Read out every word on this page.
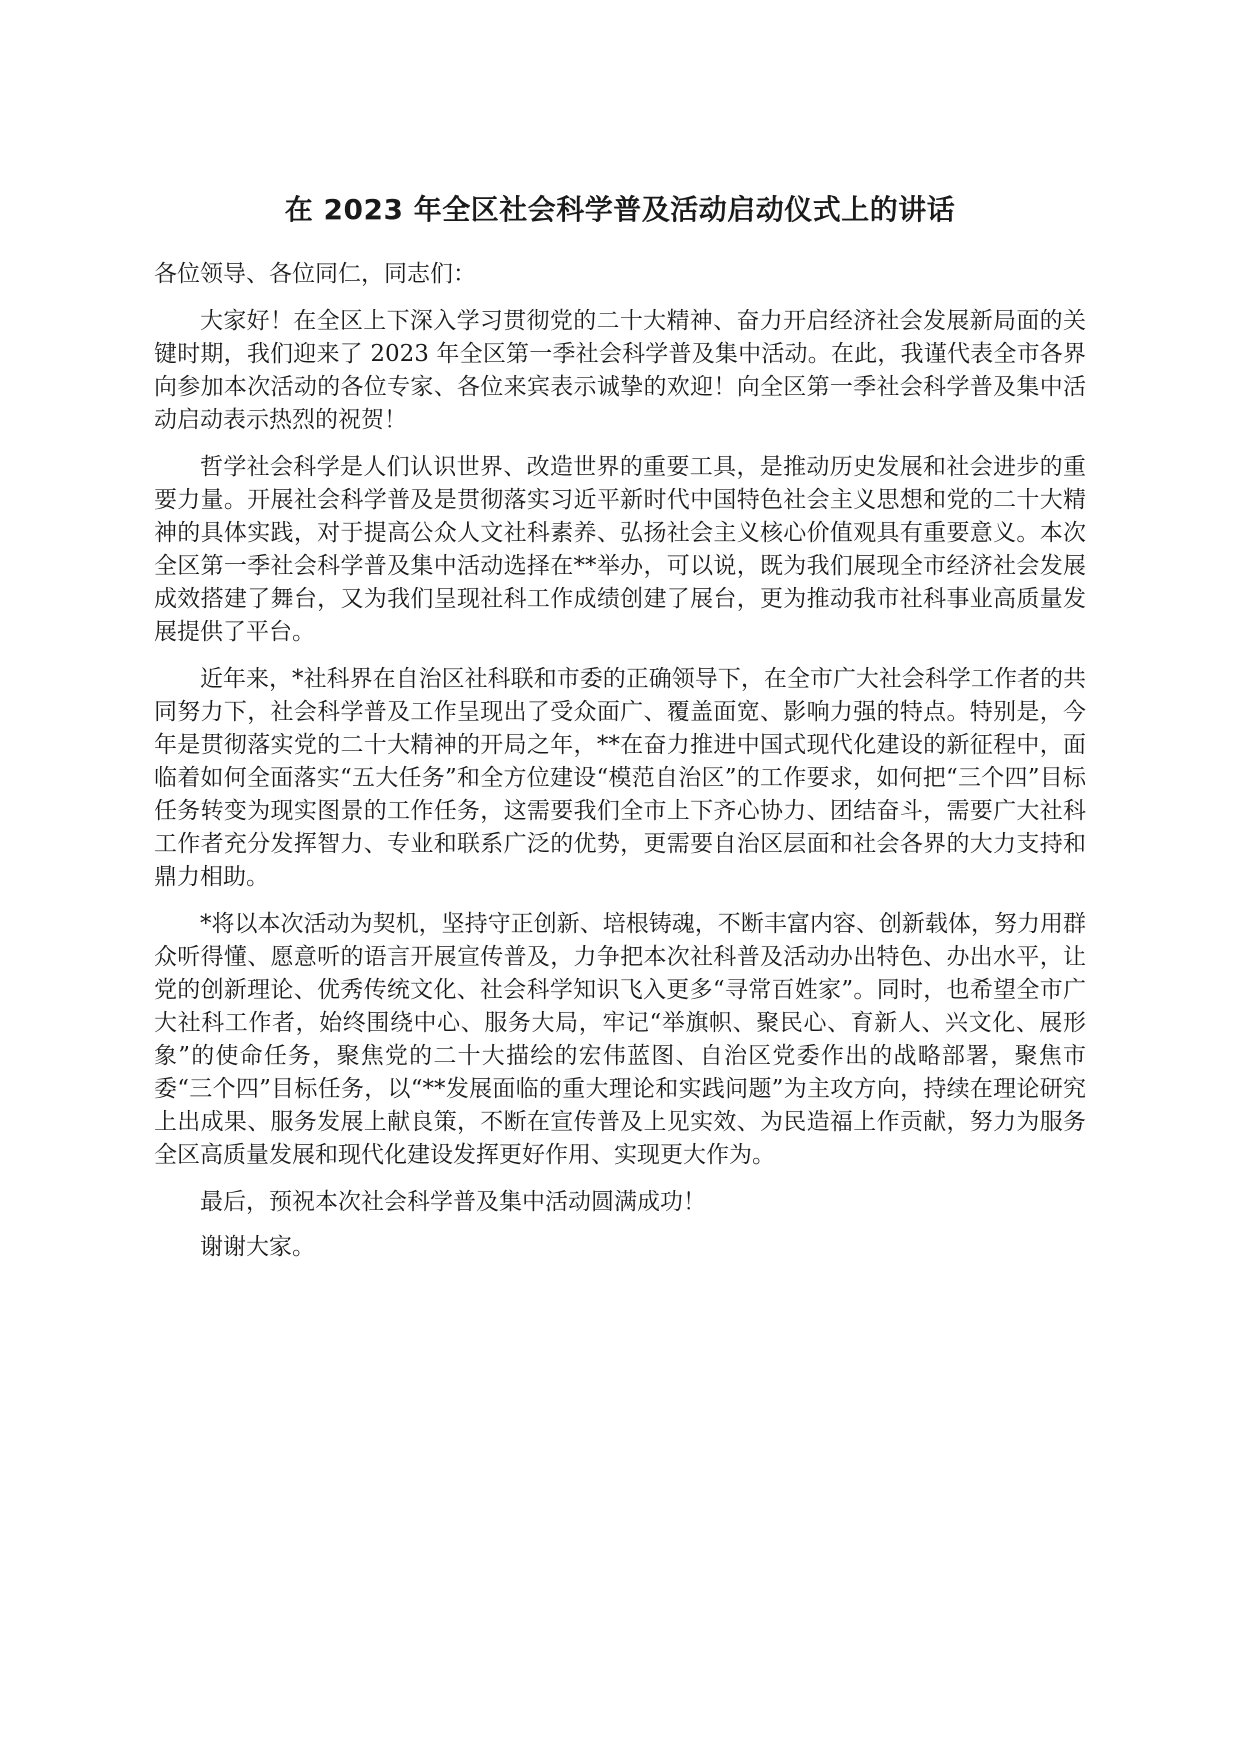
在 2023 年全区社会科学普及活动启动仪式上的讲话

各位领导、各位同仁，同志们：

大家好！在全区上下深入学习贯彻党的二十大精神、奋力开启经济社会发展新局面的关键时期，我们迎来了 2023 年全区第一季社会科学普及集中活动。在此，我谨代表全市各界向参加本次活动的各位专家、各位来宾表示诚挚的欢迎！向全区第一季社会科学普及集中活动启动表示热烈的祝贺！

哲学社会科学是人们认识世界、改造世界的重要工具，是推动历史发展和社会进步的重要力量。开展社会科学普及是贯彻落实习近平新时代中国特色社会主义思想和党的二十大精神的具体实践，对于提高公众人文社科素养、弘扬社会主义核心价值观具有重要意义。本次全区第一季社会科学普及集中活动选择在**举办，可以说，既为我们展现全市经济社会发展成效搭建了舞台，又为我们呈现社科工作成绩创建了展台，更为推动我市社科事业高质量发展提供了平台。

近年来，*社科界在自治区社科联和市委的正确领导下，在全市广大社会科学工作者的共同努力下，社会科学普及工作呈现出了受众面广、覆盖面宽、影响力强的特点。特别是，今年是贯彻落实党的二十大精神的开局之年，**在奋力推进中国式现代化建设的新征程中，面临着如何全面落实“五大任务”和全方位建设“模范自治区”的工作要求，如何把“三个四”目标任务转变为现实图景的工作任务，这需要我们全市上下齐心协力、团结奋斗，需要广大社科工作者充分发挥智力、专业和联系广泛的优势，更需要自治区层面和社会各界的大力支持和鼎力相助。

*将以本次活动为契机，坚持守正创新、培根铸魂，不断丰富内容、创新载体，努力用群众听得懂、愿意听的语言开展宣传普及，力争把本次社科普及活动办出特色、办出水平，让党的创新理论、优秀传统文化、社会科学知识飞入更多“寻常百姓家”。同时，也希望全市广大社科工作者，始终围绕中心、服务大局，牢记“举旗帜、聚民心、育新人、兴文化、展形象”的使命任务，聚焦党的二十大描绘的宏伟蓝图、自治区党委作出的战略部署，聚焦市委“三个四”目标任务，以“**发展面临的重大理论和实践问题”为主攻方向，持续在理论研究上出成果、服务发展上献良策，不断在宣传普及上见实效、为民造福上作贡献，努力为服务全区高质量发展和现代化建设发挥更好作用、实现更大作为。

最后，预祝本次社会科学普及集中活动圆满成功！

谢谢大家。
